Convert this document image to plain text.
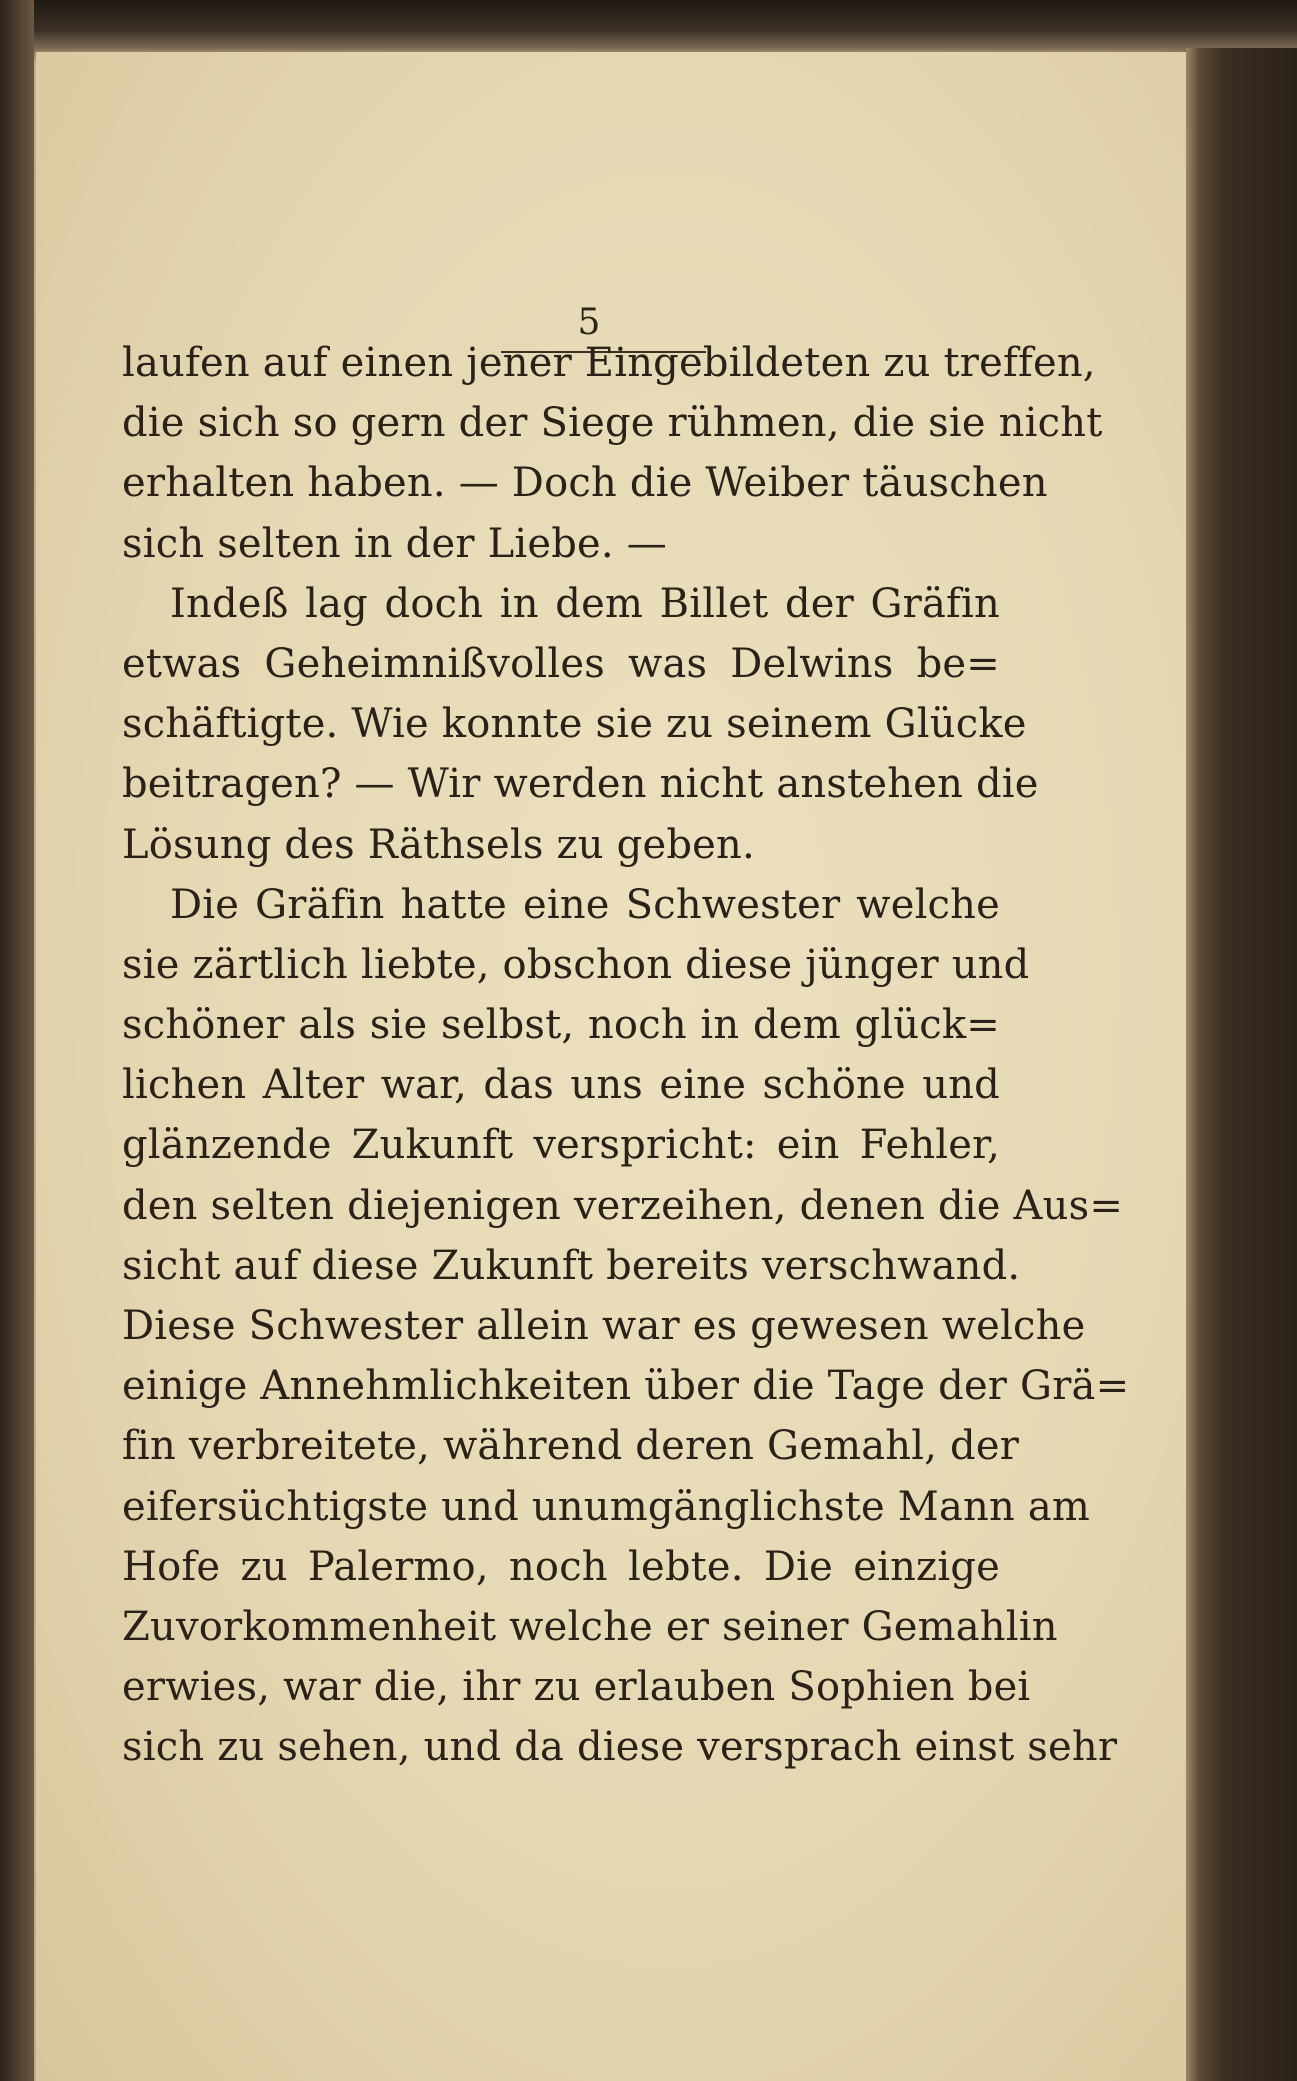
5
laufen auf einen jener Eingebildeten zu treffen,
die sich so gern der Siege rühmen, die sie nicht
erhalten haben. — Doch die Weiber täuschen
sich selten in der Liebe. —
Indeß lag doch in dem Billet der Gräfin
etwas Geheimnißvolles was Delwins be=
schäftigte. Wie konnte sie zu seinem Glücke
beitragen? — Wir werden nicht anstehen die
Lösung des Räthsels zu geben.
Die Gräfin hatte eine Schwester welche
sie zärtlich liebte, obschon diese jünger und
schöner als sie selbst, noch in dem glück=
lichen Alter war, das uns eine schöne und
glänzende Zukunft verspricht: ein Fehler,
den selten diejenigen verzeihen, denen die Aus=
sicht auf diese Zukunft bereits verschwand.
Diese Schwester allein war es gewesen welche
einige Annehmlichkeiten über die Tage der Grä=
fin verbreitete, während deren Gemahl, der
eifersüchtigste und unumgänglichste Mann am
Hofe zu Palermo, noch lebte. Die einzige
Zuvorkommenheit welche er seiner Gemahlin
erwies, war die, ihr zu erlauben Sophien bei
sich zu sehen, und da diese versprach einst sehr
